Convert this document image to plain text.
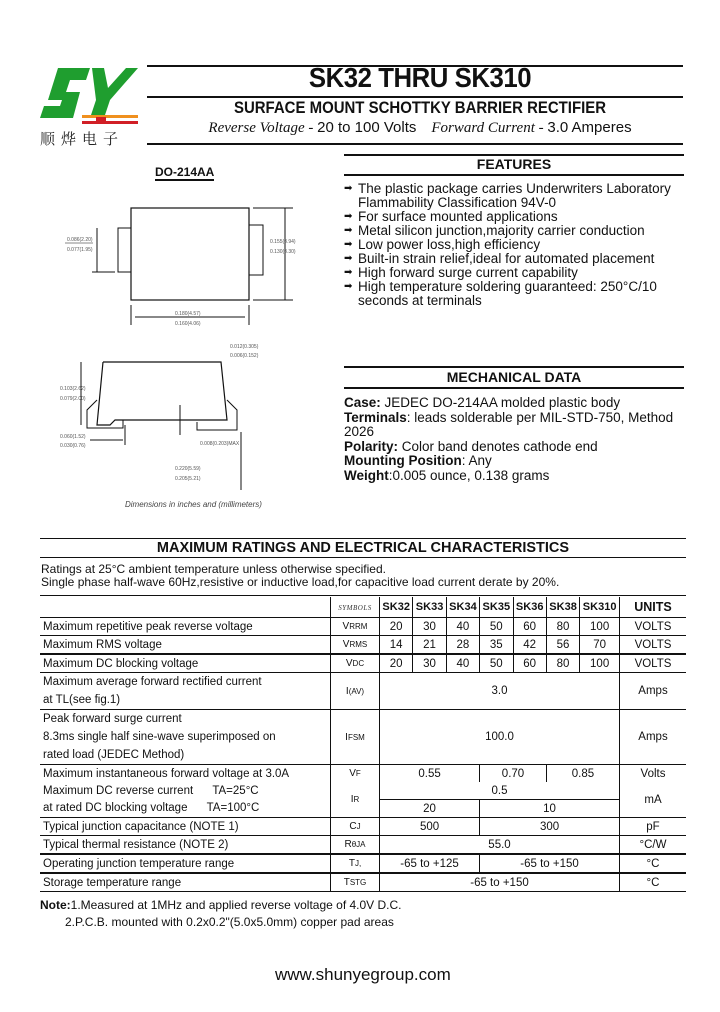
顺烨电子
SK32 THRU SK310
SURFACE MOUNT SCHOTTKY BARRIER RECTIFIER
Reverse Voltage - 20 to 100 Volts Forward Current - 3.0 Amperes
DO-214AA
0.086(2.20)
0.077(1.95)
0.155(3.94)
0.130(3.30)
0.180(4.57)
0.160(4.06)
0.012(0.305)
0.006(0.152)
0.103(2.62)
0.079(2.00)
0.060(1.52)
0.030(0.76)	0.008(0.203)MAX
0.220(5.59)
0.205(5.21)
Dimensions in inches and (millimeters)
FEATURES
➡ The plastic package carries Underwriters Laboratory Flammability Classification 94V-0
➡ For surface mounted applications
➡ Metal silicon junction,majority carrier conduction
➡ Low power loss,high efficiency
➡ Built-in strain relief,ideal for automated placement
➡ High forward surge current capability
➡ High temperature soldering guaranteed: 250°C/10 seconds at terminals
MECHANICAL DATA
Case: JEDEC DO-214AA molded plastic body
Terminals: leads solderable per MIL-STD-750, Method 2026
Polarity: Color band denotes cathode end
Mounting Position: Any
Weight:0.005 ounce, 0.138 grams
MAXIMUM RATINGS AND ELECTRICAL CHARACTERISTICS
Ratings at 25°C ambient temperature unless otherwise specified.
Single phase half-wave 60Hz,resistive or inductive load,for capacitive load current derate by 20%.
	SYMBOLS	SK32	SK33	SK34	SK35	SK36	SK38	SK310	UNITS
Maximum repetitive peak reverse voltage	VRRM	20	30	40	50	60	80	100	VOLTS
Maximum RMS voltage	VRMS	14	21	28	35	42	56	70	VOLTS
Maximum DC blocking voltage	VDC	20	30	40	50	60	80	100	VOLTS

Maximum average forward rectified current
at TL(see fig.1)	I(AV)	3.0							Amps

Peak forward surge current
8.3ms single half sine-wave superimposed on
rated load (JEDEC Method)	IFSM	100.0							Amps
Maximum instantaneous forward voltage at 3.0A	VF	0.55			0.70		0.85		Volts
Maximum DC reverse current TA=25°C	IR	0.5							mA
at rated DC blocking voltage TA=100°C		20			10				
Typical junction capacitance (NOTE 1)	CJ	500			300				pF
Typical thermal resistance (NOTE 2)	RθJA	55.0							°C/W
Operating junction temperature range	TJ,	-65 to +125			-65 to +150				°C
Storage temperature range	TSTG	-65 to +150							°C
Note:1.Measured at 1MHz and applied reverse voltage of 4.0V D.C.
2.P.C.B. mounted with 0.2x0.2"(5.0x5.0mm) copper pad areas
www.shunyegroup.com
